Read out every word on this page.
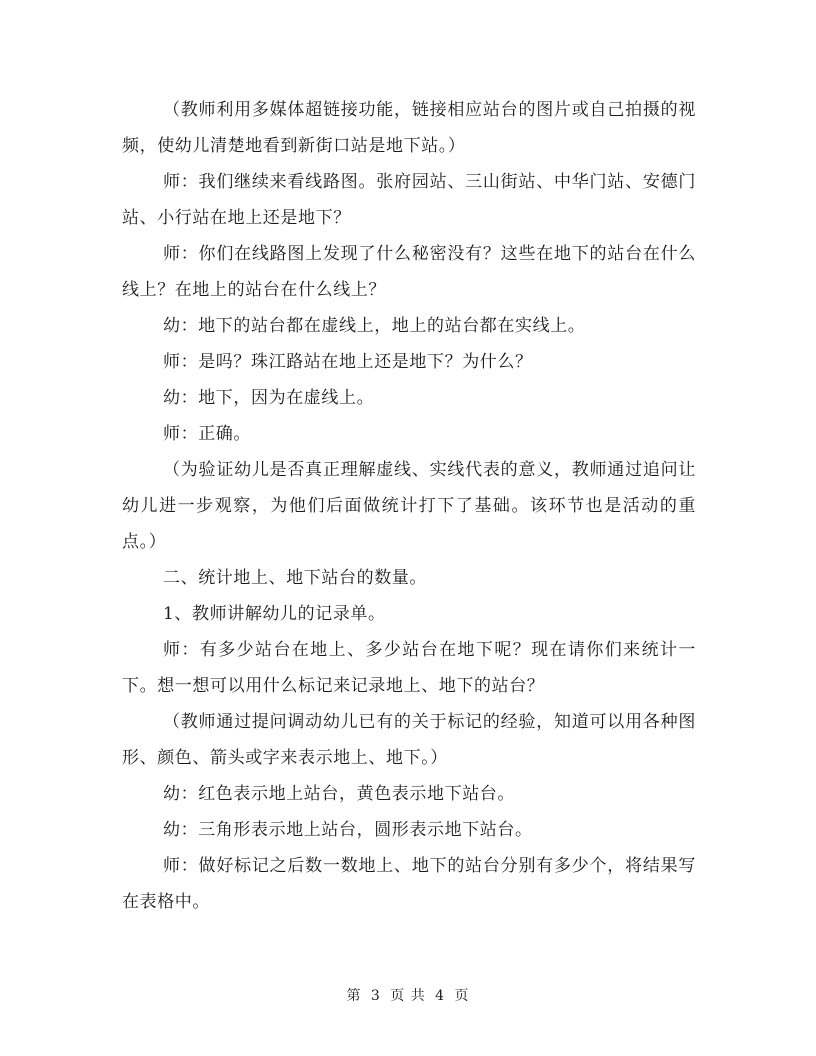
（教师利用多媒体超链接功能，链接相应站台的图片或自己拍摄的视频，使幼儿清楚地看到新街口站是地下站。）

师：我们继续来看线路图。张府园站、三山街站、中华门站、安德门站、小行站在地上还是地下？

师：你们在线路图上发现了什么秘密没有？这些在地下的站台在什么线上？在地上的站台在什么线上？

幼：地下的站台都在虚线上，地上的站台都在实线上。

师：是吗？珠江路站在地上还是地下？为什么？

幼：地下，因为在虚线上。

师：正确。

（为验证幼儿是否真正理解虚线、实线代表的意义，教师通过追问让幼儿进一步观察，为他们后面做统计打下了基础。该环节也是活动的重点。）

二、统计地上、地下站台的数量。

1、教师讲解幼儿的记录单。

师：有多少站台在地上、多少站台在地下呢？现在请你们来统计一下。想一想可以用什么标记来记录地上、地下的站台？

（教师通过提问调动幼儿已有的关于标记的经验，知道可以用各种图形、颜色、箭头或字来表示地上、地下。）

幼：红色表示地上站台，黄色表示地下站台。

幼：三角形表示地上站台，圆形表示地下站台。

师：做好标记之后数一数地上、地下的站台分别有多少个，将结果写在表格中。

第 3 页 共 4 页
